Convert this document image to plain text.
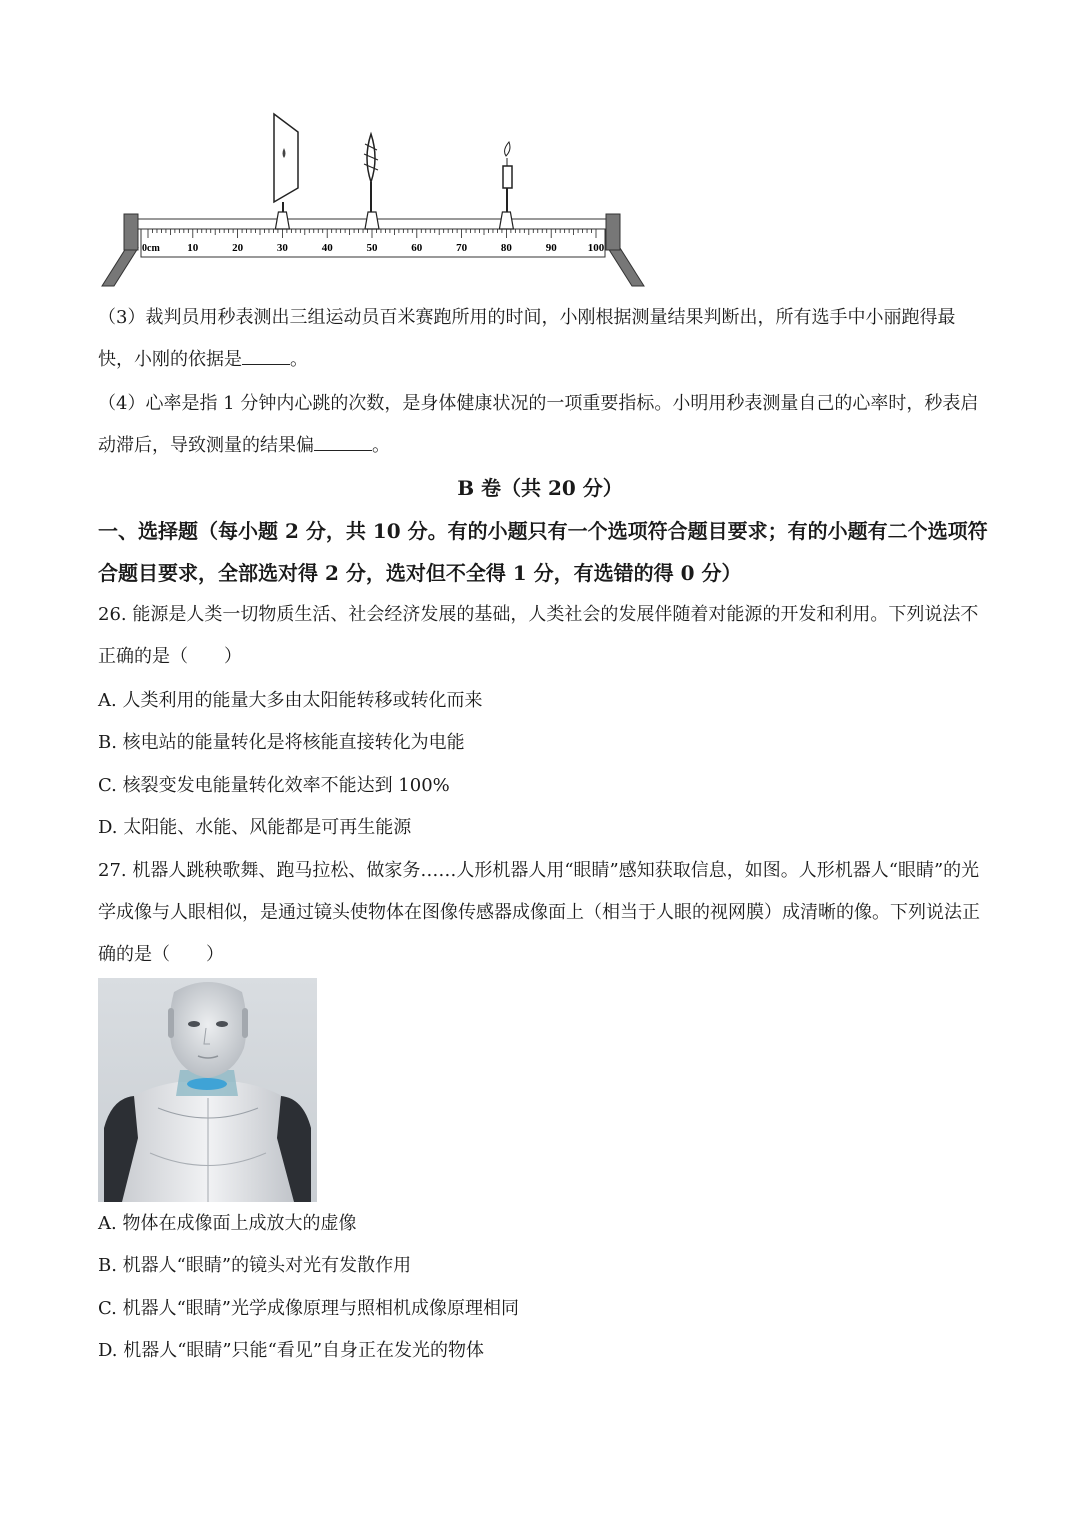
0cm	10	20	30	40	50	60	70	80	90	100
（3）裁判员用秒表测出三组运动员百米赛跑所用的时间，小刚根据测量结果判断出，所有选手中小丽跑得最快，小刚的依据是	。
（4）心率是指 1 分钟内心跳的次数，是身体健康状况的一项重要指标。小明用秒表测量自己的心率时，秒表启动滞后，导致测量的结果偏	。
B 卷（共 20 分）
一、选择题（每小题 2 分，共 10 分。有的小题只有一个选项符合题目要求；有的小题有二个选项符合题目要求，全部选对得 2 分，选对但不全得 1 分，有选错的得 0 分）
26. 能源是人类一切物质生活、社会经济发展的基础，人类社会的发展伴随着对能源的开发和利用。下列说法不正确的是（　　）
A. 人类利用的能量大多由太阳能转移或转化而来
B. 核电站的能量转化是将核能直接转化为电能
C. 核裂变发电能量转化效率不能达到 100%
D. 太阳能、水能、风能都是可再生能源
27. 机器人跳秧歌舞、跑马拉松、做家务……人形机器人用“眼睛”感知获取信息，如图。人形机器人“眼睛”的光学成像与人眼相似，是通过镜头使物体在图像传感器成像面上（相当于人眼的视网膜）成清晰的像。下列说法正确的是（　　）
A. 物体在成像面上成放大的虚像
B. 机器人“眼睛”的镜头对光有发散作用
C. 机器人“眼睛”光学成像原理与照相机成像原理相同
D. 机器人“眼睛”只能“看见”自身正在发光的物体
